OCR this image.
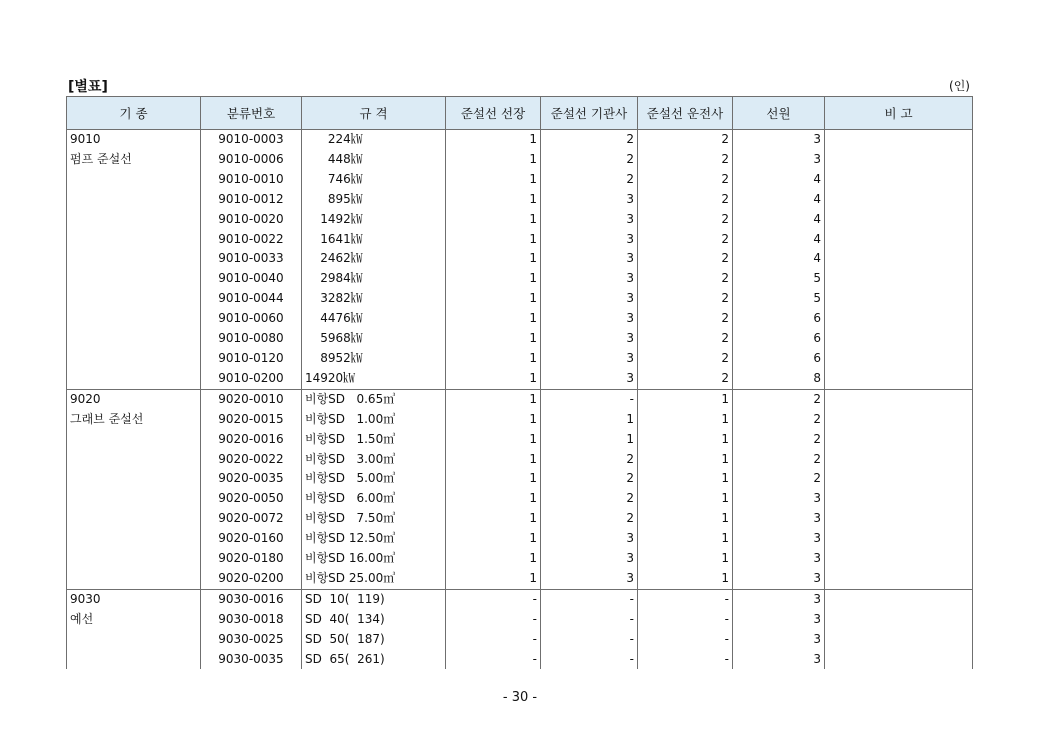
[별표]	(인)
기 종	분류번호	규 격	준설선 선장	준설선 기관사	준설선 운전사	선원	비 고
9010	9010-0003	224㎾	1	2	2	3	
펌프 준설선	9010-0006	448㎾	1	2	2	3	
	9010-0010	746㎾	1	2	2	4	
	9010-0012	895㎾	1	3	2	4	
	9010-0020	1492㎾	1	3	2	4	
	9010-0022	1641㎾	1	3	2	4	
	9010-0033	2462㎾	1	3	2	4	
	9010-0040	2984㎾	1	3	2	5	
	9010-0044	3282㎾	1	3	2	5	
	9010-0060	4476㎾	1	3	2	6	
	9010-0080	5968㎾	1	3	2	6	
	9010-0120	8952㎾	1	3	2	6	
	9010-0200	14920㎾	1	3	2	8	
9020	9020-0010	비항SD   0.65㎥	1	-	1	2	
그래브 준설선	9020-0015	비항SD   1.00㎥	1	1	1	2	
	9020-0016	비항SD   1.50㎥	1	1	1	2	
	9020-0022	비항SD   3.00㎥	1	2	1	2	
	9020-0035	비항SD   5.00㎥	1	2	1	2	
	9020-0050	비항SD   6.00㎥	1	2	1	3	
	9020-0072	비항SD   7.50㎥	1	2	1	3	
	9020-0160	비항SD 12.50㎥	1	3	1	3	
	9020-0180	비항SD 16.00㎥	1	3	1	3	
	9020-0200	비항SD 25.00㎥	1	3	1	3	
9030	9030-0016	SD  10(  119)	-	-	-	3	
예선	9030-0018	SD  40(  134)	-	-	-	3	
	9030-0025	SD  50(  187)	-	-	-	3	
	9030-0035	SD  65(  261)	-	-	-	3	
- 30 -
